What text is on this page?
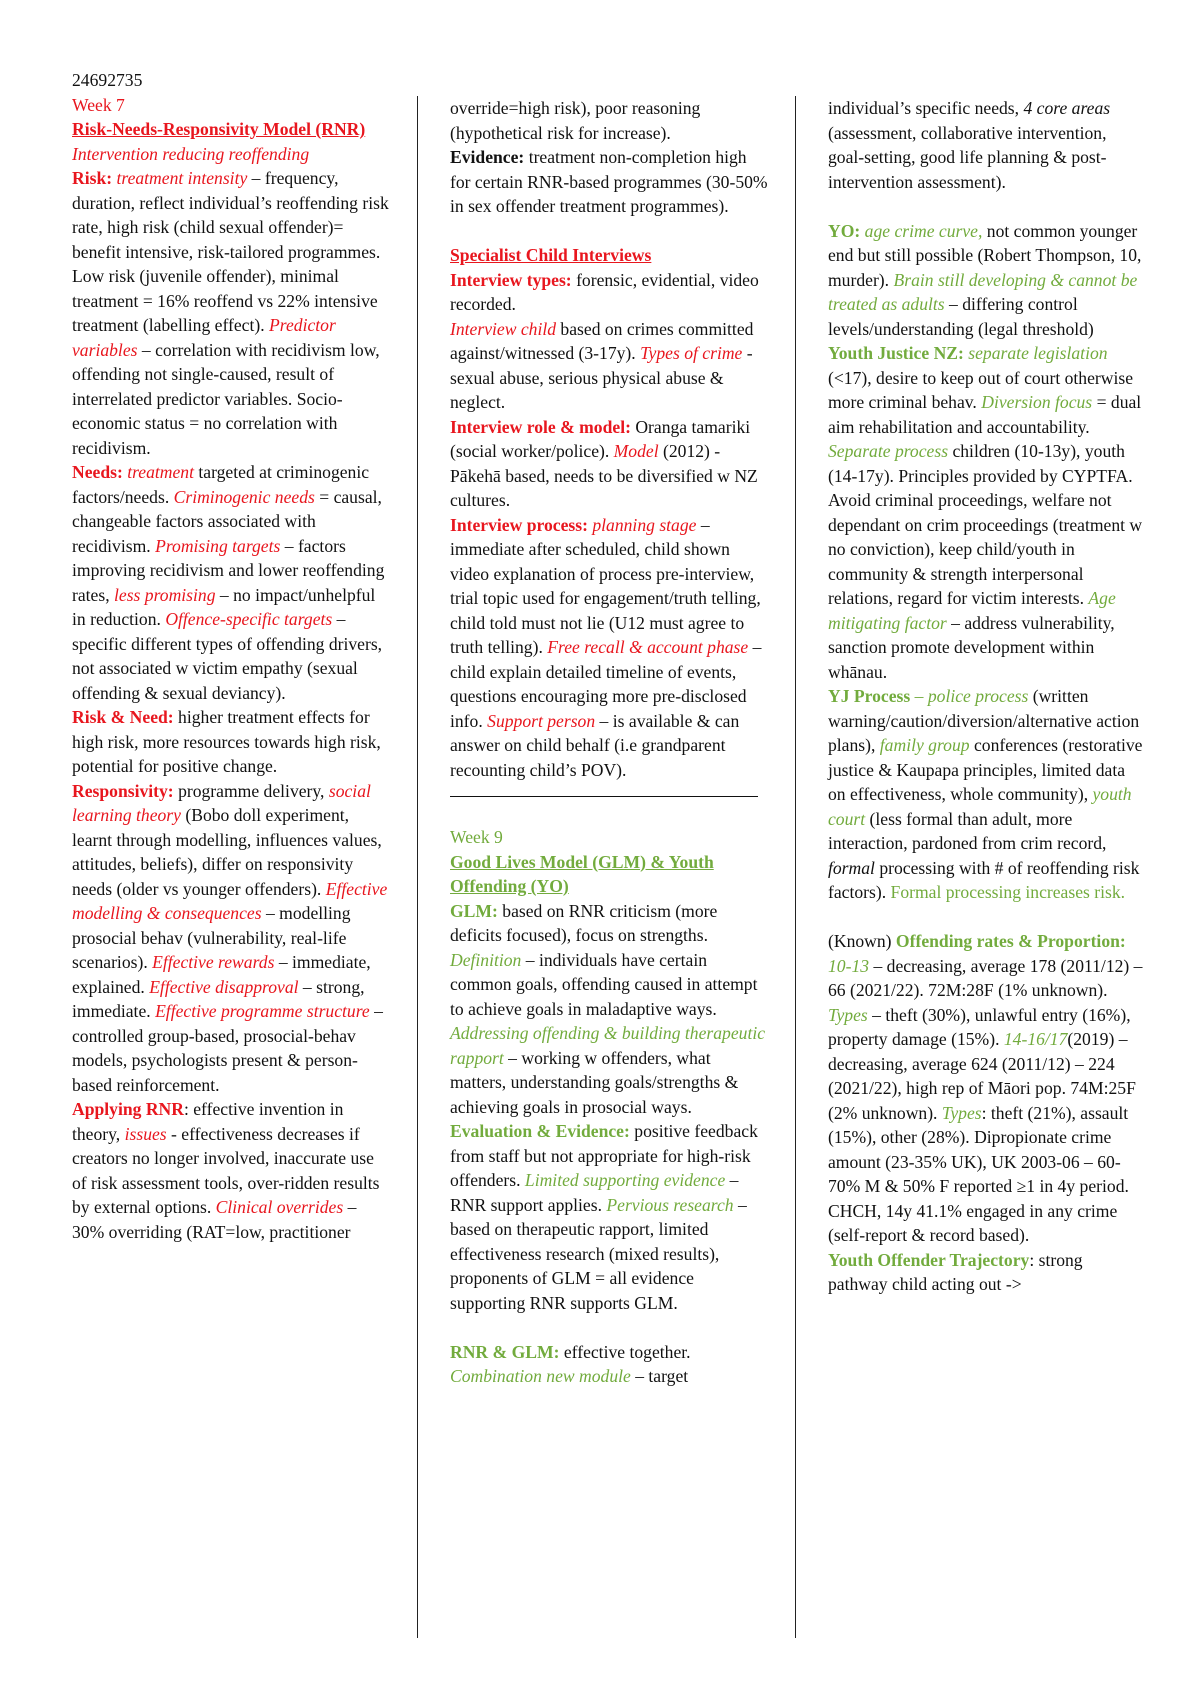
24692735

Week 7

Risk-Needs-Responsivity Model (RNR)

Intervention reducing reoffending

Risk: treatment intensity – frequency, duration, reflect individual’s reoffending risk rate, high risk (child sexual offender)= benefit intensive, risk-tailored programmes. Low risk (juvenile offender), minimal treatment = 16% reoffend vs 22% intensive treatment (labelling effect). Predictor variables – correlation with recidivism low, offending not single-caused, result of interrelated predictor variables. Socio-economic status = no correlation with recidivism.

Needs: treatment targeted at criminogenic factors/needs. Criminogenic needs = causal, changeable factors associated with recidivism. Promising targets – factors improving recidivism and lower reoffending rates, less promising – no impact/unhelpful in reduction. Offence-specific targets – specific different types of offending drivers, not associated w victim empathy (sexual offending & sexual deviancy).

Risk & Need: higher treatment effects for high risk, more resources towards high risk, potential for positive change.

Responsivity: programme delivery, social learning theory (Bobo doll experiment, learnt through modelling, influences values, attitudes, beliefs), differ on responsivity needs (older vs younger offenders). Effective modelling & consequences – modelling prosocial behav (vulnerability, real-life scenarios). Effective rewards – immediate, explained. Effective disapproval – strong, immediate. Effective programme structure – controlled group-based, prosocial-behav models, psychologists present & person-based reinforcement.

Applying RNR: effective invention in theory, issues - effectiveness decreases if creators no longer involved, inaccurate use of risk assessment tools, over-ridden results by external options. Clinical overrides – 30% overriding (RAT=low, practitioner

override=high risk), poor reasoning (hypothetical risk for increase).

Evidence: treatment non-completion high for certain RNR-based programmes (30-50% in sex offender treatment programmes).

Specialist Child Interviews

Interview types: forensic, evidential, video recorded.

Interview child based on crimes committed against/witnessed (3-17y). Types of crime - sexual abuse, serious physical abuse & neglect.

Interview role & model: Oranga tamariki (social worker/police). Model (2012) - Pākehā based, needs to be diversified w NZ cultures.

Interview process: planning stage – immediate after scheduled, child shown video explanation of process pre-interview, trial topic used for engagement/truth telling, child told must not lie (U12 must agree to truth telling). Free recall & account phase – child explain detailed timeline of events, questions encouraging more pre-disclosed info. Support person – is available & can answer on child behalf (i.e grandparent recounting child’s POV).

Week 9

Good Lives Model (GLM) & Youth Offending (YO)

GLM: based on RNR criticism (more deficits focused), focus on strengths. Definition – individuals have certain common goals, offending caused in attempt to achieve goals in maladaptive ways. Addressing offending & building therapeutic rapport – working w offenders, what matters, understanding goals/strengths & achieving goals in prosocial ways.

Evaluation & Evidence: positive feedback from staff but not appropriate for high-risk offenders. Limited supporting evidence – RNR support applies. Pervious research – based on therapeutic rapport, limited effectiveness research (mixed results), proponents of GLM = all evidence supporting RNR supports GLM.

RNR & GLM: effective together. Combination new module – target

individual’s specific needs, 4 core areas (assessment, collaborative intervention, goal-setting, good life planning & post-intervention assessment).

YO: age crime curve, not common younger end but still possible (Robert Thompson, 10, murder). Brain still developing & cannot be treated as adults – differing control levels/understanding (legal threshold)

Youth Justice NZ: separate legislation (<17), desire to keep out of court otherwise more criminal behav. Diversion focus = dual aim rehabilitation and accountability. Separate process children (10-13y), youth (14-17y). Principles provided by CYPTFA. Avoid criminal proceedings, welfare not dependant on crim proceedings (treatment w no conviction), keep child/youth in community & strength interpersonal relations, regard for victim interests. Age mitigating factor – address vulnerability, sanction promote development within whānau.

YJ Process – police process (written warning/caution/diversion/alternative action plans), family group conferences (restorative justice & Kaupapa principles, limited data on effectiveness, whole community), youth court (less formal than adult, more interaction, pardoned from crim record, formal processing with # of reoffending risk factors). Formal processing increases risk.

(Known) Offending rates & Proportion: 10-13 – decreasing, average 178 (2011/12) – 66 (2021/22). 72M:28F (1% unknown). Types – theft (30%), unlawful entry (16%), property damage (15%). 14-16/17(2019) – decreasing, average 624 (2011/12) – 224 (2021/22), high rep of Māori pop. 74M:25F (2% unknown). Types: theft (21%), assault (15%), other (28%). Dipropionate crime amount (23-35% UK), UK 2003-06 – 60-70% M & 50% F reported ≥1 in 4y period. CHCH, 14y 41.1% engaged in any crime (self-report & record based).

Youth Offender Trajectory: strong pathway child acting out ->
